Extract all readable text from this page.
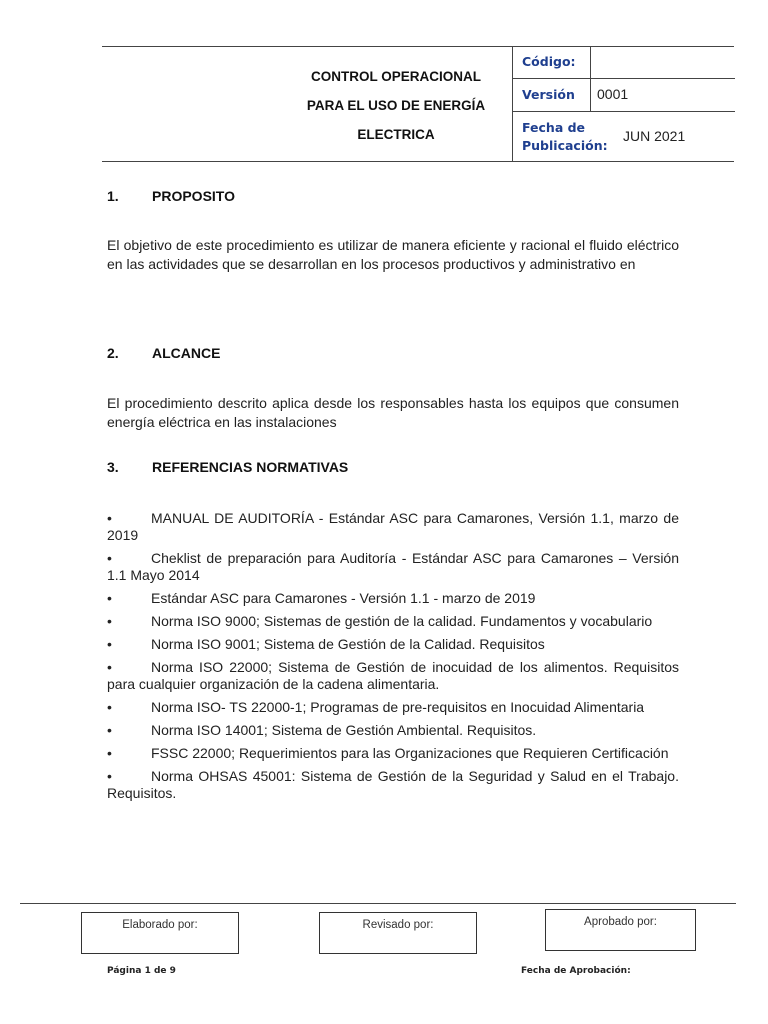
CONTROL OPERACIONAL
PARA EL USO DE ENERGÍA
ELECTRICA
Código:
Versión 0001
Fecha de
Publicación:
JUN 2021
1. PROPOSITO
El objetivo de este procedimiento es utilizar de manera eficiente y racional el fluido eléctrico en las actividades que se desarrollan en los procesos productivos y administrativo en
2. ALCANCE
El procedimiento descrito aplica desde los responsables hasta los equipos que consumen energía eléctrica en las instalaciones
3. REFERENCIAS NORMATIVAS
•	MANUAL DE AUDITORÍA - Estándar ASC para Camarones, Versión 1.1, marzo de 2019
•	Cheklist de preparación para Auditoría - Estándar ASC para Camarones – Versión 1.1 Mayo 2014
•	Estándar ASC para Camarones - Versión 1.1 - marzo de 2019
•	Norma ISO 9000; Sistemas de gestión de la calidad. Fundamentos y vocabulario
•	Norma ISO 9001; Sistema de Gestión de la Calidad. Requisitos
•	Norma ISO 22000; Sistema de Gestión de inocuidad de los alimentos. Requisitos para cualquier organización de la cadena alimentaria.
•	Norma ISO- TS 22000-1; Programas de pre-requisitos en Inocuidad Alimentaria
•	Norma ISO 14001; Sistema de Gestión Ambiental. Requisitos.
•	FSSC 22000; Requerimientos para las Organizaciones que Requieren Certificación
•	Norma OHSAS 45001: Sistema de Gestión de la Seguridad y Salud en el Trabajo. Requisitos.
Elaborado por:	Revisado por:	Aprobado por:
Página 1 de 9	Fecha de Aprobación:
